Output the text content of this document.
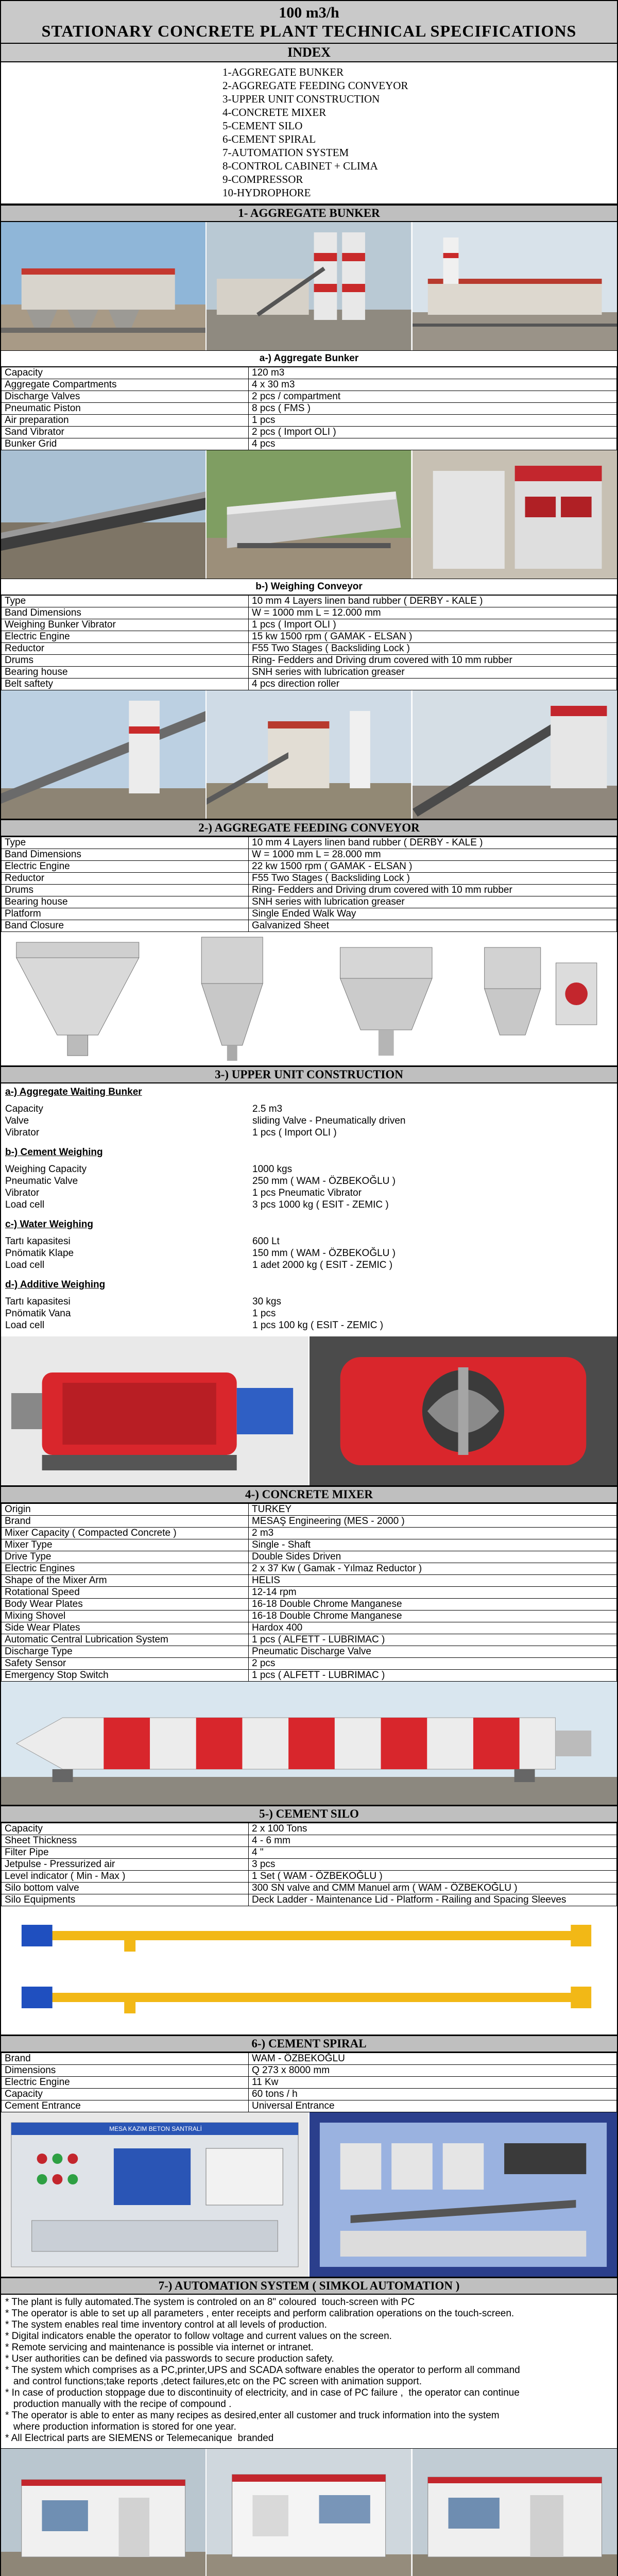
100 m3/h
STATIONARY CONCRETE PLANT TECHNICAL SPECIFICATIONS
INDEX
1-AGGREGATE BUNKER
2-AGGREGATE FEEDING CONVEYOR
3-UPPER UNIT CONSTRUCTION
4-CONCRETE MIXER
5-CEMENT SILO
6-CEMENT SPIRAL
7-AUTOMATION SYSTEM
8-CONTROL CABINET + CLIMA
9-COMPRESSOR
10-HYDROPHORE
1- AGGREGATE BUNKER
a-) Aggregate Bunker
Capacity	120 m3
Aggregate Compartments	4 x 30 m3
Discharge Valves	2 pcs / compartment
Pneumatic Piston	8 pcs ( FMS )
Air preparation	1 pcs
Sand Vibrator	2 pcs ( Import OLI )
Bunker Grid	4 pcs
b-) Weighing Conveyor
Type	10 mm 4 Layers linen band rubber ( DERBY - KALE )
Band Dimensions	W = 1000 mm L = 12.000 mm
Weighing Bunker Vibrator	1 pcs ( Import OLI )
Electric Engine	15 kw 1500 rpm ( GAMAK - ELSAN )
Reductor	F55 Two Stages ( Backsliding Lock )
Drums	Ring- Fedders and Driving drum covered with 10 mm rubber
Bearing house	SNH series with lubrication greaser
Belt saftety	4 pcs direction roller
2-) AGGREGATE FEEDING CONVEYOR
Type	10 mm 4 Layers linen band rubber ( DERBY - KALE )
Band Dimensions	W = 1000 mm L = 28.000 mm
Electric Engine	22 kw 1500 rpm ( GAMAK - ELSAN )
Reductor	F55 Two Stages ( Backsliding Lock )
Drums	Ring- Fedders and Driving drum covered with 10 mm rubber
Bearing house	SNH series with lubrication greaser
Platform	Single Ended Walk Way
Band Closure	Galvanized Sheet
3-) UPPER UNIT CONSTRUCTION
a-) Aggregate Waiting Bunker
Capacity	2.5 m3
Valve	sliding Valve - Pneumatically driven
Vibrator	1 pcs ( Import OLI )
b-) Cement Weighing
Weighing Capacity	1000 kgs
Pneumatic Valve	250 mm ( WAM - ÖZBEKOĞLU )
Vibrator	1 pcs Pneumatic Vibrator
Load cell	3 pcs 1000 kg ( ESIT - ZEMIC )
c-) Water Weighing
Tartı kapasitesi	600 Lt
Pnömatik Klape	150 mm ( WAM - ÖZBEKOĞLU )
Load cell	1 adet 2000 kg ( ESIT - ZEMIC )
d-) Additive Weighing
Tartı kapasitesi	30 kgs
Pnömatik Vana	1 pcs
Load cell	1 pcs 100 kg ( ESIT - ZEMIC )
4-) CONCRETE MIXER
Origin	TURKEY
Brand	MESAŞ Engineering (MES - 2000 )
Mixer Capacity ( Compacted Concrete )	2 m3
Mixer Type	Single - Shaft
Drive Type	Double Sides Driven
Electric Engines	2 x 37 Kw ( Gamak - Yılmaz Reductor )
Shape of the Mixer Arm	HELIS
Rotational Speed	12-14 rpm
Body Wear Plates	16-18 Double Chrome Manganese
Mixing Shovel	16-18 Double Chrome Manganese
Side Wear Plates	Hardox 400
Automatic Central Lubrication System	1 pcs ( ALFETT - LUBRIMAC )
Discharge Type	Pneumatic Discharge Valve
Safety Sensor	2 pcs
Emergency Stop Switch	1 pcs ( ALFETT - LUBRIMAC )
5-) CEMENT SILO
Capacity	2 x 100 Tons
Sheet Thickness	4 - 6 mm
Filter Pipe	4 "
Jetpulse - Pressurized air	3 pcs
Level indicator ( Min - Max )	1 Set ( WAM - ÖZBEKOĞLU )
Silo bottom valve	300 SN valve and CMM Manuel arm ( WAM - ÖZBEKOĞLU )
Silo Equipments	Deck Ladder - Maintenance Lid - Platform - Railing and Spacing Sleeves
6-) CEMENT SPIRAL
Brand	WAM - ÖZBEKOĞLU
Dimensions	Q 273 x 8000 mm
Electric Engine	11 Kw
Capacity	60 tons / h
Cement Entrance	Universal Entrance
MESA KAZIM BETON SANTRALİ
7-) AUTOMATION SYSTEM ( SIMKOL AUTOMATION )
* The plant is fully automated.The system is controled on an 8" coloured  touch-screen with PC
* The operator is able to set up all parameters , enter receipts and perform calibration operations on the touch-screen.
* The system enables real time inventory control at all levels of production.
* Digital indicators enable the operator to follow voltage and current values on the screen.
* Remote servicing and maintenance is possible via internet or intranet.
* User authorities can be defined via passwords to secure production safety.
* The system which comprises as a PC,printer,UPS and SCADA software enables the operator to perform all command
and control functions;take reports ,detect failures,etc on the PC screen with animation support.
* In case of production stoppage due to discontinuity of electricity, and in case of PC failure ,  the operator can continue
production manually with the recipe of compound .
* The operator is able to enter as many recipes as desired,enter all customer and truck information into the system
where production information is stored for one year.
* All Electrical parts are SIEMENS or Telemecanique  branded
